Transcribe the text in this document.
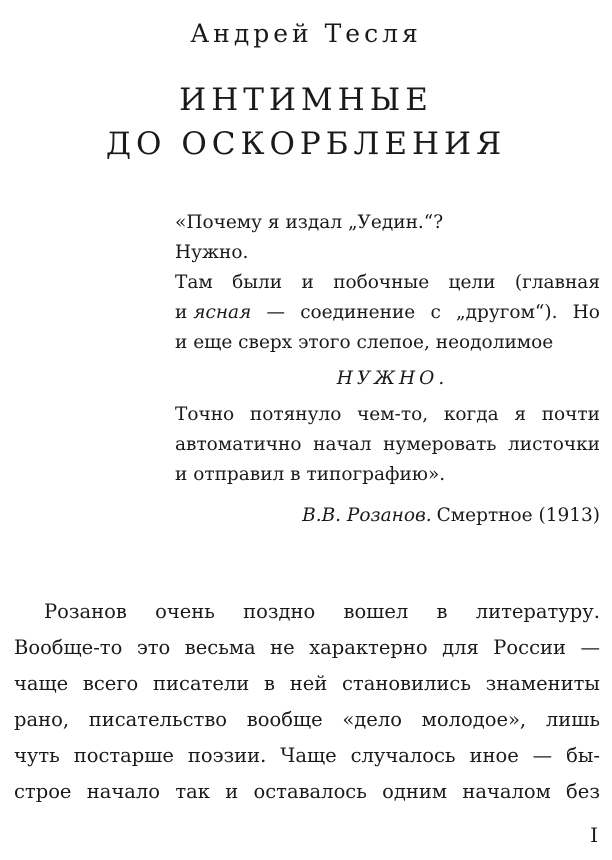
Андрей Тесля
ИНТИМНЫЕ
ДО ОСКОРБЛЕНИЯ
«Почему я издал „Уедин.“?
Нужно.
Там были и побочные цели (главная
и ясная — соединение с „другом“). Но
и еще сверх этого слепое, неодолимое
НУЖНО.
Точно потянуло чем-то, когда я почти
автоматично начал нумеровать листочки
и отправил в типографию».
В.В. Розанов. Смертное (1913)
Розанов очень поздно вошел в литературу.
Вообще-то это весьма не характерно для России —
чаще всего писатели в ней становились знамениты
рано, писательство вообще «дело молодое», лишь
чуть постарше поэзии. Чаще случалось иное — бы-
строе начало так и оставалось одним началом без
I
